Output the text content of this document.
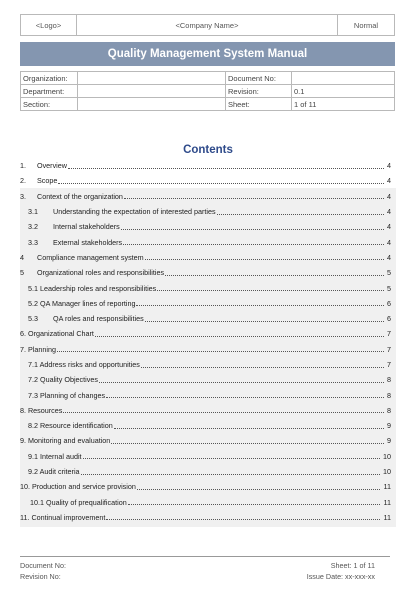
<Logo>	<Company Name>	Normal
Quality Management System Manual
Organization:		Document No:	
Department:		Revision:	0.1
Section:		Sheet:	1 of 11
Contents
1.	Overview	4
2.	Scope	4
3.	Context of the organization	4
3.1	Understanding the expectation of interested parties	4
3.2	Internal stakeholders	4
3.3	External stakeholders	4
4	Compliance management system	4
5	Organizational roles and responsibilities	5
5.1 Leadership roles and responsibilities	5
5.2 QA Manager lines of reporting	6
5.3	QA roles and responsibilities	6
6. Organizational Chart	7
7. Planning	7
7.1 Address risks and opportunities	7
7.2 Quality Objectives	8
7.3 Planning of changes	8
8. Resources	8
8.2 Resource identification	9
9. Monitoring and evaluation	9
9.1 Internal audit	10
9.2 Audit criteria	10
10. Production and service provision	11
10.1 Quality of prequalification	11
11. Continual improvement	11
Document No:	Sheet: 1 of 11
Revision No:	Issue Date: xx-xxx-xx
